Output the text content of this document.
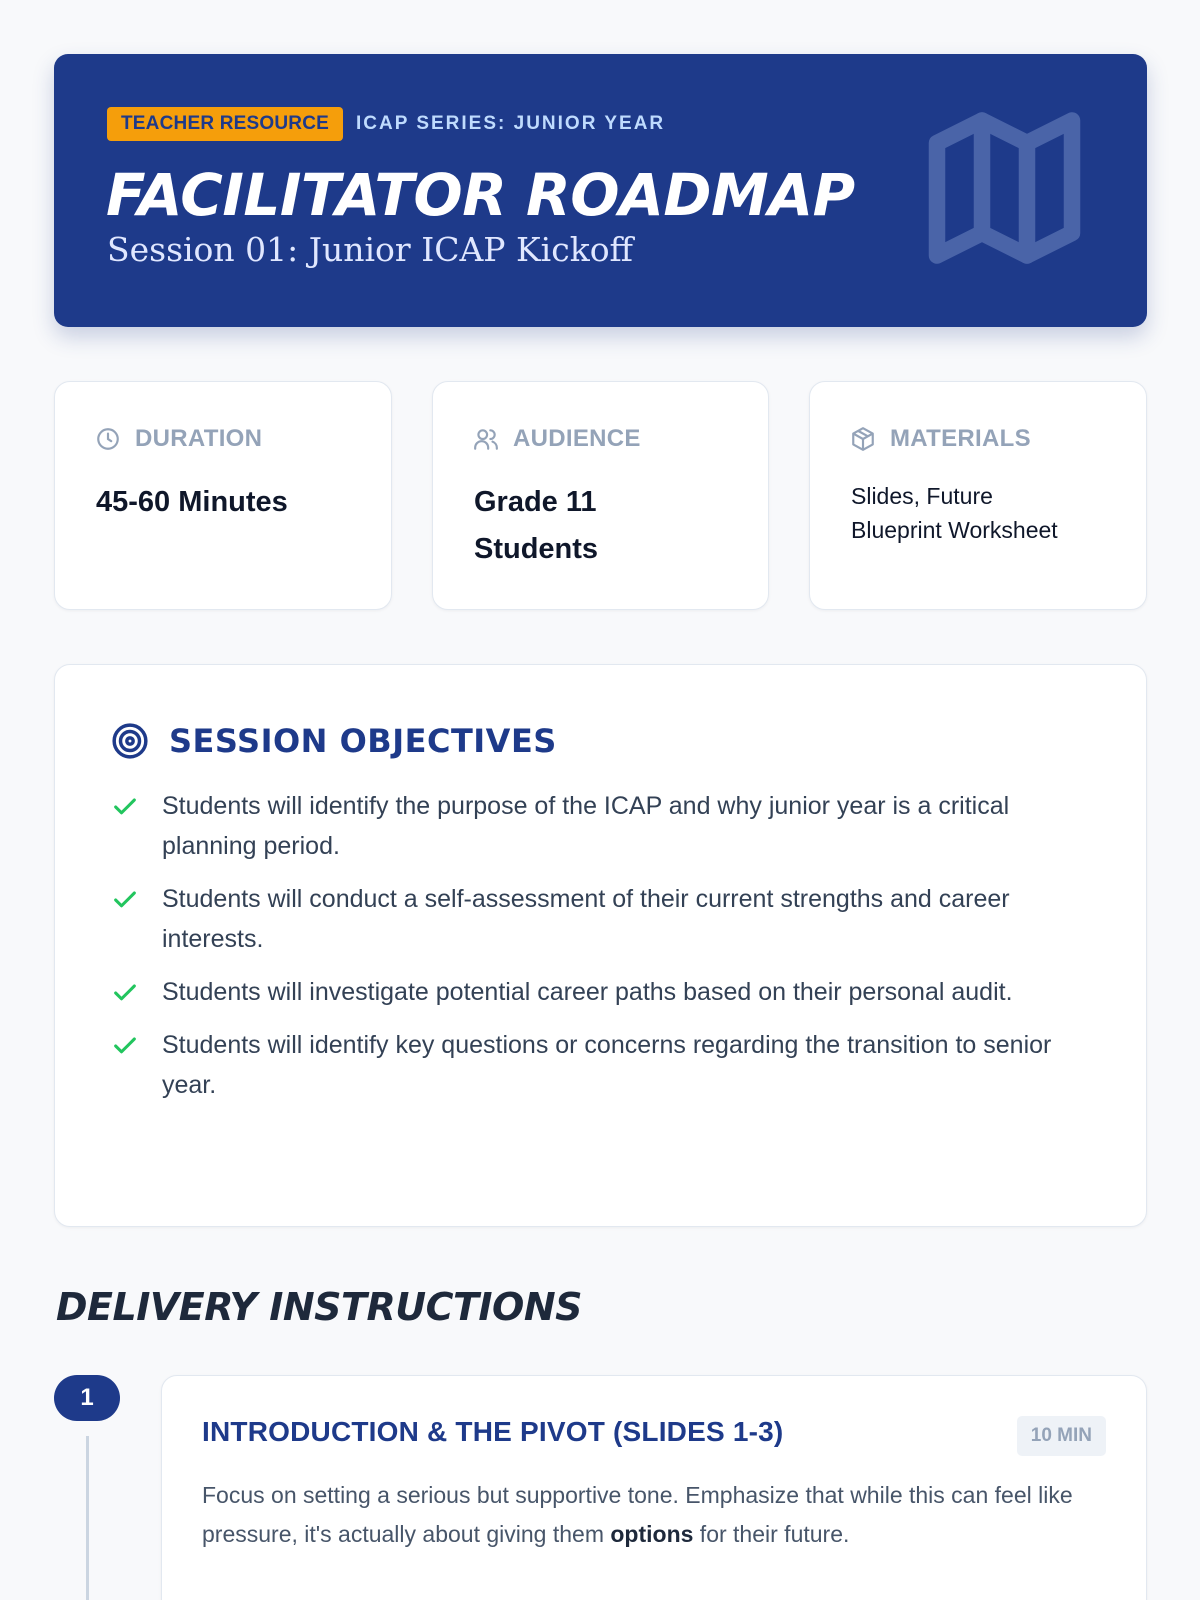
TEACHER RESOURCE	ICAP SERIES: JUNIOR YEAR
FACILITATOR ROADMAP
Session 01: Junior ICAP Kickoff
DURATION
45-60 Minutes
AUDIENCE
Grade 11
Students
MATERIALS
Slides, Future
Blueprint Worksheet
SESSION OBJECTIVES
Students will identify the purpose of the ICAP and why junior year is a critical planning period.
Students will conduct a self-assessment of their current strengths and career interests.
Students will investigate potential career paths based on their personal audit.
Students will identify key questions or concerns regarding the transition to senior year.
DELIVERY INSTRUCTIONS
1
INTRODUCTION & THE PIVOT (SLIDES 1-3)	10 MIN

Focus on setting a serious but supportive tone. Emphasize that while this can feel like pressure, it's actually about giving them options for their future.
